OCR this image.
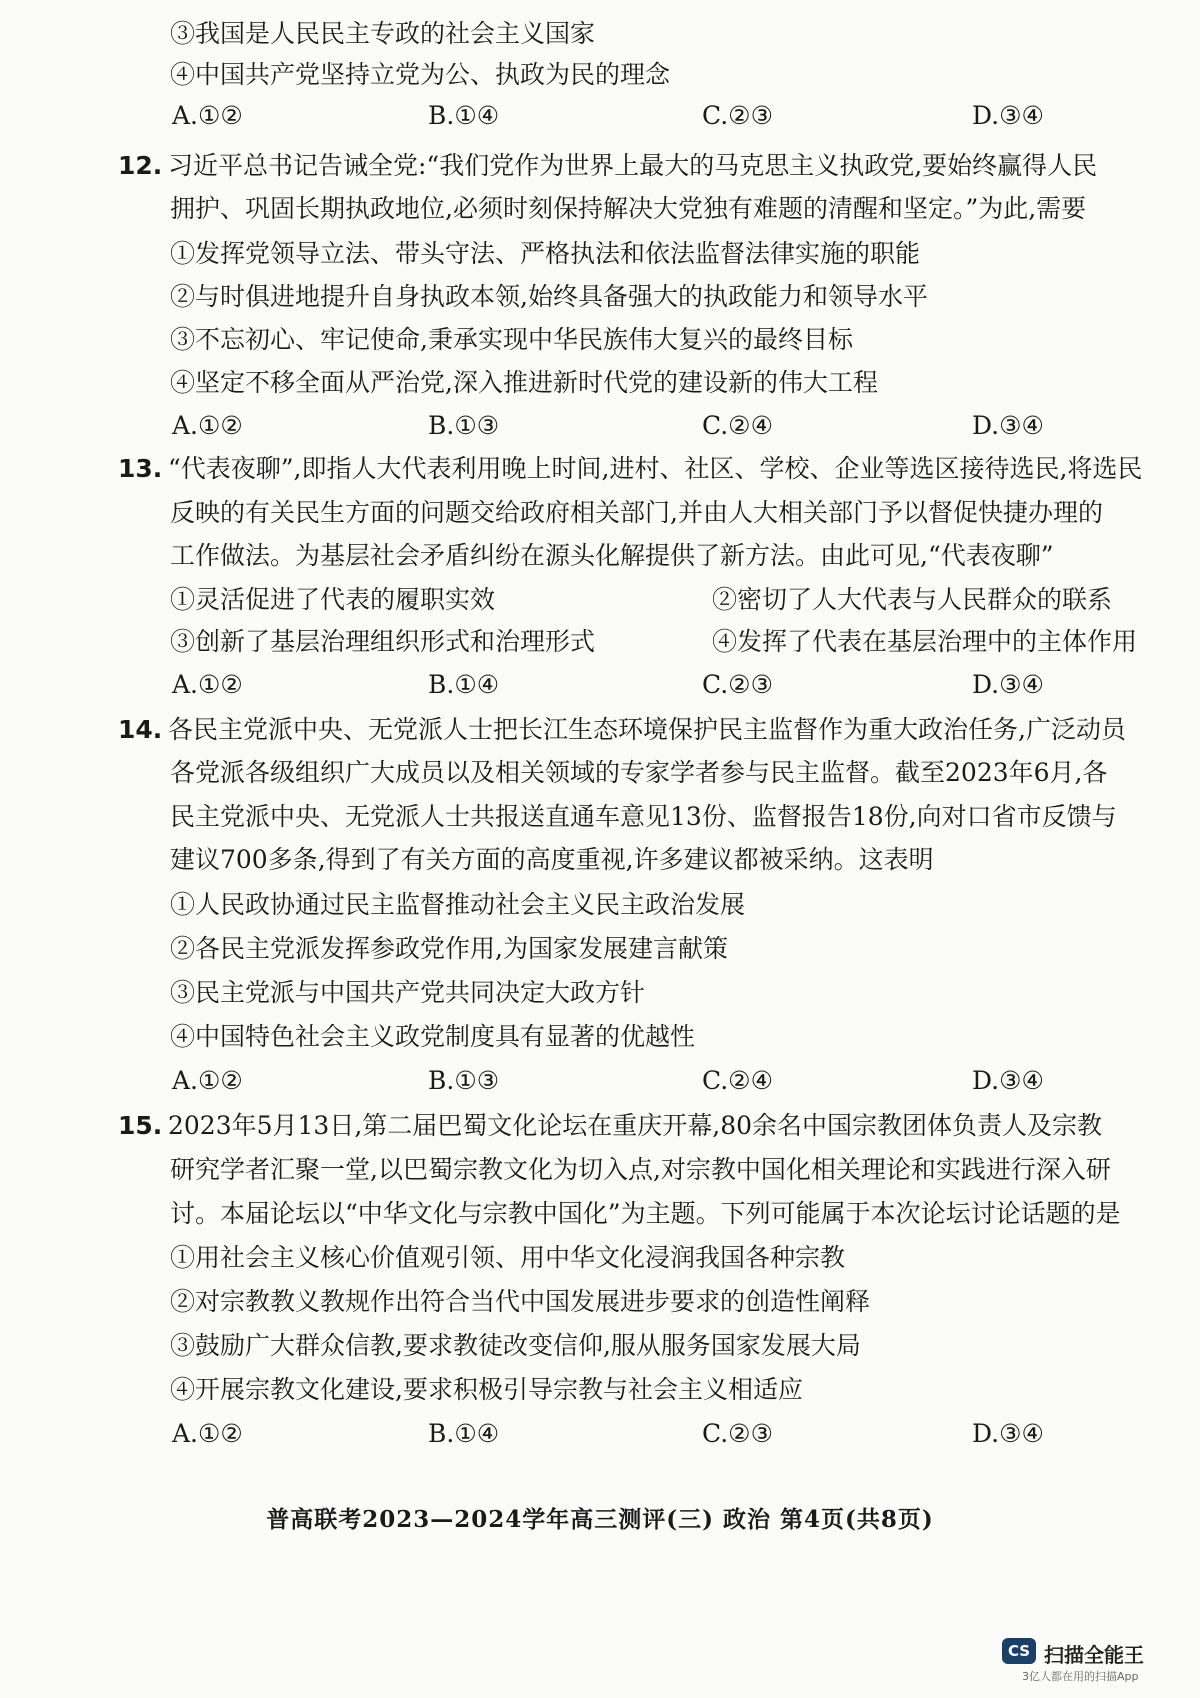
③我国是人民民主专政的社会主义国家
④中国共产党坚持立党为公、执政为民的理念
A.①②	B.①④	C.②③	D.③④
12. 习近平总书记告诫全党:“我们党作为世界上最大的马克思主义执政党,要始终赢得人民
拥护、巩固长期执政地位,必须时刻保持解决大党独有难题的清醒和坚定。”为此,需要
①发挥党领导立法、带头守法、严格执法和依法监督法律实施的职能
②与时俱进地提升自身执政本领,始终具备强大的执政能力和领导水平
③不忘初心、牢记使命,秉承实现中华民族伟大复兴的最终目标
④坚定不移全面从严治党,深入推进新时代党的建设新的伟大工程
A.①②	B.①③	C.②④	D.③④
13. “代表夜聊”,即指人大代表利用晚上时间,进村、社区、学校、企业等选区接待选民,将选民
反映的有关民生方面的问题交给政府相关部门,并由人大相关部门予以督促快捷办理的
工作做法。为基层社会矛盾纠纷在源头化解提供了新方法。由此可见,“代表夜聊”
①灵活促进了代表的履职实效	②密切了人大代表与人民群众的联系
③创新了基层治理组织形式和治理形式	④发挥了代表在基层治理中的主体作用
A.①②	B.①④	C.②③	D.③④
14. 各民主党派中央、无党派人士把长江生态环境保护民主监督作为重大政治任务,广泛动员
各党派各级组织广大成员以及相关领域的专家学者参与民主监督。截至2023年6月,各
民主党派中央、无党派人士共报送直通车意见13份、监督报告18份,向对口省市反馈与
建议700多条,得到了有关方面的高度重视,许多建议都被采纳。这表明
①人民政协通过民主监督推动社会主义民主政治发展
②各民主党派发挥参政党作用,为国家发展建言献策
③民主党派与中国共产党共同决定大政方针
④中国特色社会主义政党制度具有显著的优越性
A.①②	B.①③	C.②④	D.③④
15. 2023年5月13日,第二届巴蜀文化论坛在重庆开幕,80余名中国宗教团体负责人及宗教
研究学者汇聚一堂,以巴蜀宗教文化为切入点,对宗教中国化相关理论和实践进行深入研
讨。本届论坛以“中华文化与宗教中国化”为主题。下列可能属于本次论坛讨论话题的是
①用社会主义核心价值观引领、用中华文化浸润我国各种宗教
②对宗教教义教规作出符合当代中国发展进步要求的创造性阐释
③鼓励广大群众信教,要求教徒改变信仰,服从服务国家发展大局
④开展宗教文化建设,要求积极引导宗教与社会主义相适应
A.①②	B.①④	C.②③	D.③④
普高联考2023—2024学年高三测评(三) 政治 第4页(共8页)
CS 扫描全能王
3亿人都在用的扫描App
